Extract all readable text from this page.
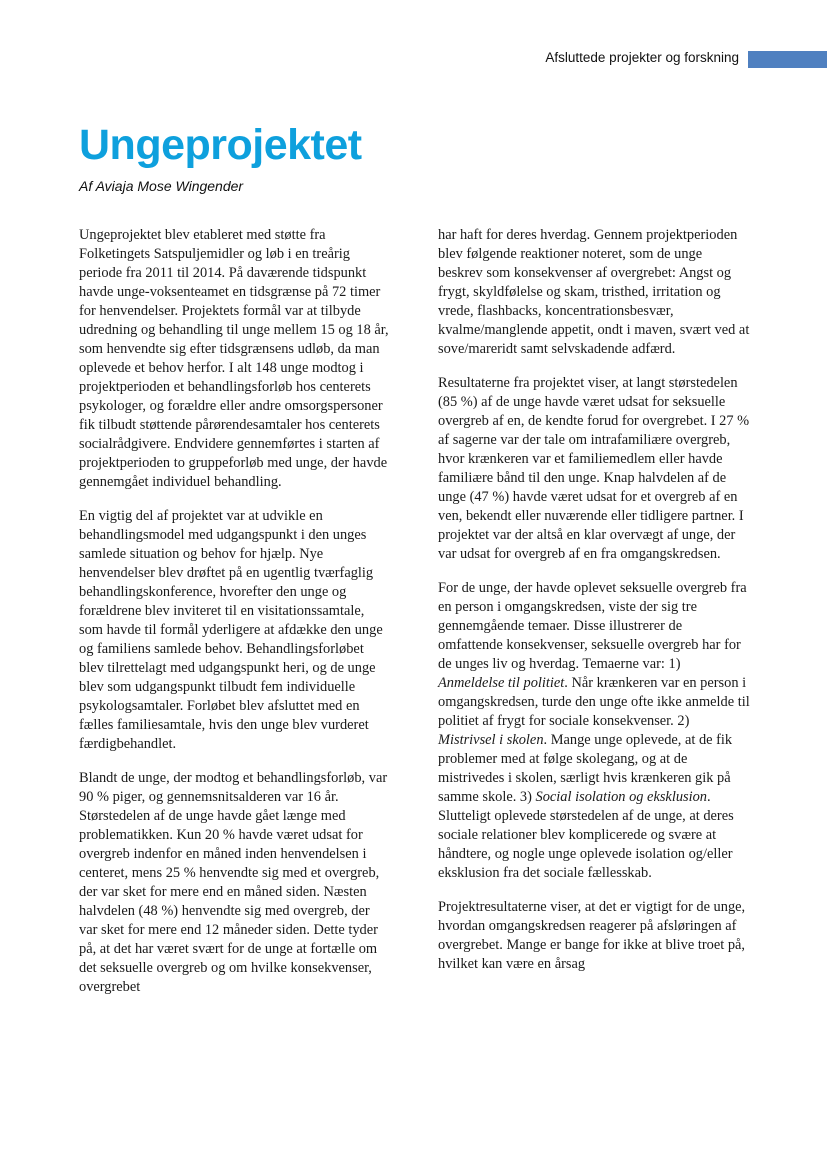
Afsluttede projekter og forskning
Ungeprojektet
Af Aviaja Mose Wingender

Ungeprojektet blev etableret med støtte fra Folketingets Satspuljemidler og løb i en treårig periode fra 2011 til 2014. På daværende tidspunkt havde unge-voksenteamet en tidsgrænse på 72 timer for henvendelser. Projektets formål var at tilbyde udredning og behandling til unge mellem 15 og 18 år, som henvendte sig efter tidsgrænsens udløb, da man oplevede et behov herfor. I alt 148 unge modtog i projektperioden et behandlingsforløb hos centerets psykologer, og forældre eller andre omsorgspersoner fik tilbudt støttende pårørendesamtaler hos centerets socialrådgivere. Endvidere gennemførtes i starten af projektperioden to gruppeforløb med unge, der havde gennemgået individuel behandling.

En vigtig del af projektet var at udvikle en behandlingsmodel med udgangspunkt i den unges samlede situation og behov for hjælp. Nye henvendelser blev drøftet på en ugentlig tværfaglig behandlingskonference, hvorefter den unge og forældrene blev inviteret til en visitationssamtale, som havde til formål yderligere at afdække den unge og familiens samlede behov. Behandlingsforløbet blev tilrettelagt med udgangspunkt heri, og de unge blev som udgangspunkt tilbudt fem individuelle psykologsamtaler. Forløbet blev afsluttet med en fælles familiesamtale, hvis den unge blev vurderet færdigbehandlet.

Blandt de unge, der modtog et behandlingsforløb, var 90 % piger, og gennemsnitsalderen var 16 år. Størstedelen af de unge havde gået længe med problematikken. Kun 20 % havde været udsat for overgreb indenfor en måned inden henvendelsen i centeret, mens 25 % henvendte sig med et overgreb, der var sket for mere end en måned siden. Næsten halvdelen (48 %) henvendte sig med overgreb, der var sket for mere end 12 måneder siden. Dette tyder på, at det har været svært for de unge at fortælle om det seksuelle overgreb og om hvilke konsekvenser, overgrebet

har haft for deres hverdag. Gennem projektperioden blev følgende reaktioner noteret, som de unge beskrev som konsekvenser af overgrebet: Angst og frygt, skyldfølelse og skam, tristhed, irritation og vrede, flashbacks, koncentrationsbesvær, kvalme/manglende appetit, ondt i maven, svært ved at sove/mareridt samt selvskadende adfærd.

Resultaterne fra projektet viser, at langt størstedelen (85 %) af de unge havde været udsat for seksuelle overgreb af en, de kendte forud for overgrebet. I 27 % af sagerne var der tale om intrafamiliære overgreb, hvor krænkeren var et familiemedlem eller havde familiære bånd til den unge. Knap halvdelen af de unge (47 %) havde været udsat for et overgreb af en ven, bekendt eller nuværende eller tidligere partner. I projektet var der altså en klar overvægt af unge, der var udsat for overgreb af en fra omgangskredsen.

For de unge, der havde oplevet seksuelle overgreb fra en person i omgangskredsen, viste der sig tre gennemgående temaer. Disse illustrerer de omfattende konsekvenser, seksuelle overgreb har for de unges liv og hverdag. Temaerne var: 1) Anmeldelse til politiet. Når krænkeren var en person i omgangskredsen, turde den unge ofte ikke anmelde til politiet af frygt for sociale konsekvenser. 2) Mistrivsel i skolen. Mange unge oplevede, at de fik problemer med at følge skolegang, og at de mistrivedes i skolen, særligt hvis krænkeren gik på samme skole. 3) Social isolation og eksklusion. Slutteligt oplevede størstedelen af de unge, at deres sociale relationer blev komplicerede og svære at håndtere, og nogle unge oplevede isolation og/eller eksklusion fra det sociale fællesskab.

Projektresultaterne viser, at det er vigtigt for de unge, hvordan omgangskredsen reagerer på afsløringen af overgrebet. Mange er bange for ikke at blive troet på, hvilket kan være en årsag
